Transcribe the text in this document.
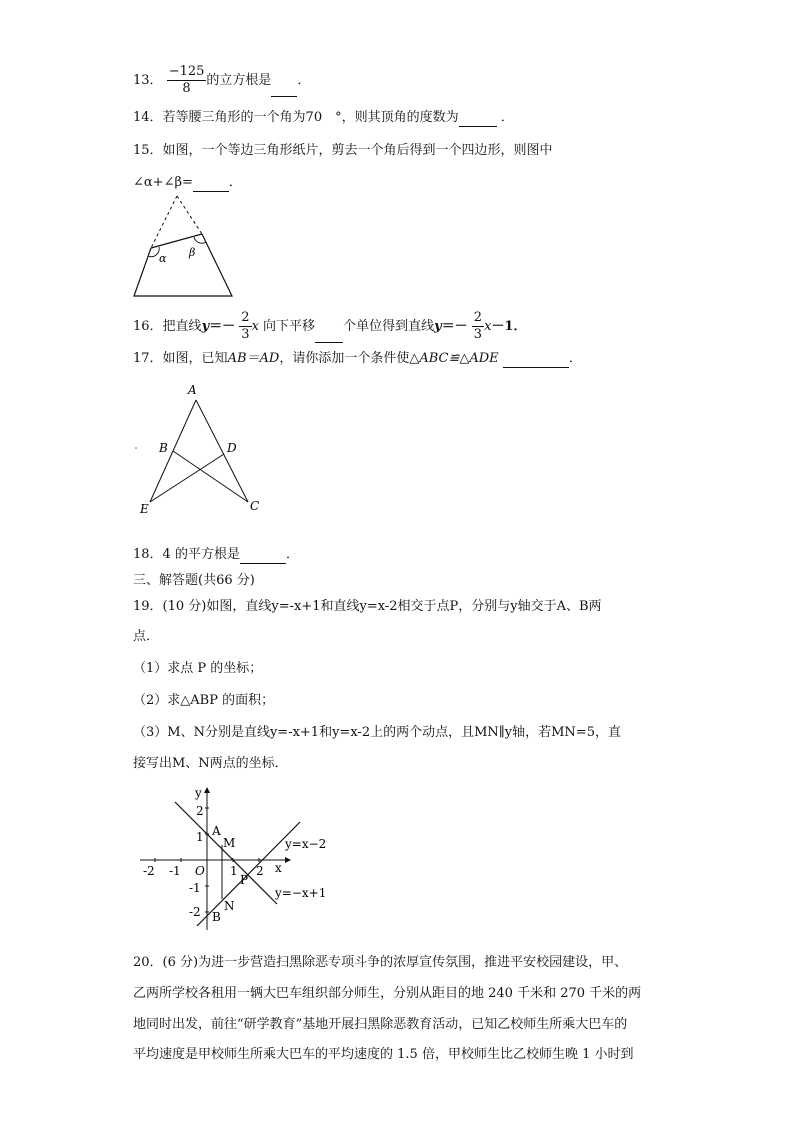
13． $\frac{-125}{8}$ 的立方根是 ．
14．若等腰三角形的一个角为70　°，则其顶角的度数为	．
15．如图，一个等边三角形纸片，剪去一个角后得到一个四边形，则图中
∠α+∠β=	．
α β
16．把直线$y=- \frac{2}{3}$ x 向下平移 个单位得到直线$y=- \frac{2}{3} x-1$．
17．如图，已知AB＝AD，请你添加一个条件使△ABC≌△ADE	．
A
B	D
E	C
18．4 的平方根是	．
三、解答题(共66 分)
19．(10 分)如图，直线y=-x+1和直线y=x-2相交于点P，分别与y轴交于A、B两
点．
（1）求点 P 的坐标；
（2）求△ABP 的面积；
（3）M、N分别是直线y=-x+1和y=x-2上的两个动点，且MN∥y轴，若MN=5，直
接写出M、N两点的坐标．
y
x
-2 -1	1 2
2
1
-1
-2
O
A
M
P
N
B
y=x−2
y=−x+1
20．(6 分)为进一步营造扫黑除恶专项斗争的浓厚宣传氛围，推进平安校园建设，甲、
乙两所学校各租用一辆大巴车组织部分师生，分别从距目的地 240 千米和 270 千米的两
地同时出发，前往“研学教育”基地开展扫黑除恶教育活动，已知乙校师生所乘大巴车的
平均速度是甲校师生所乘大巴车的平均速度的 1.5 倍，甲校师生比乙校师生晚 1 小时到
